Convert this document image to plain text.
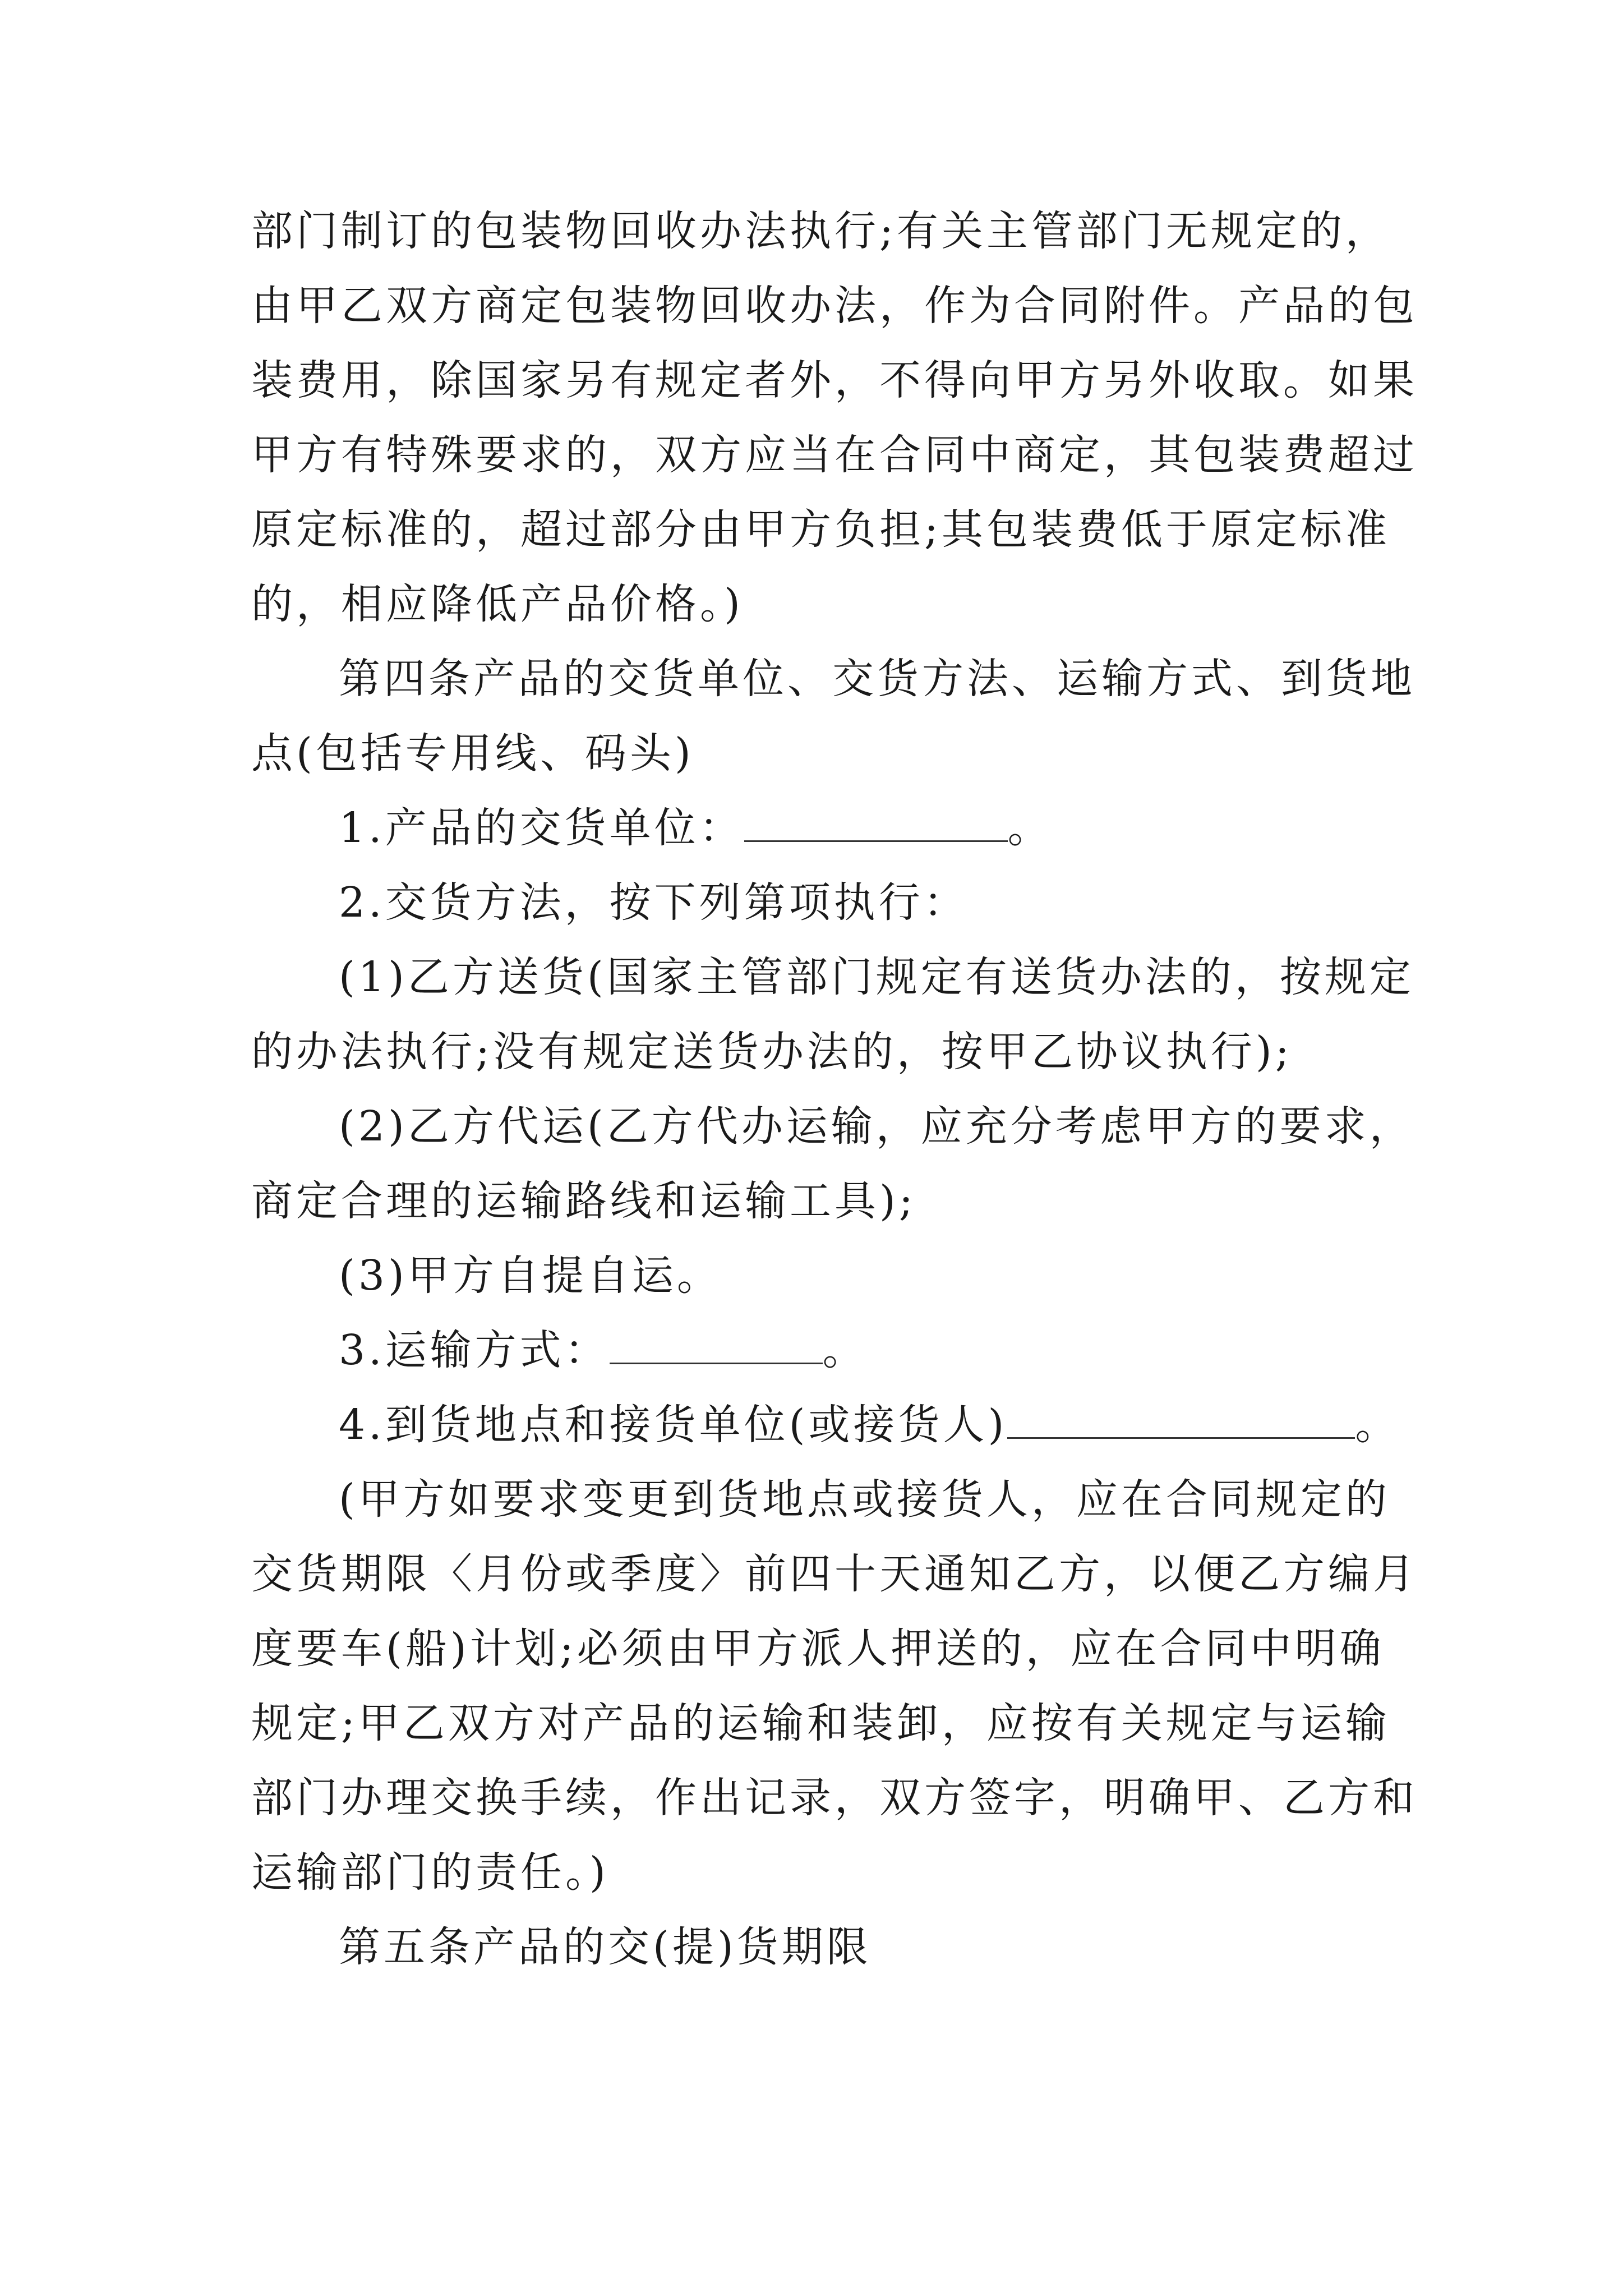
部门制订的包装物回收办法执行;有关主管部门无规定的，
由甲乙双方商定包装物回收办法，作为合同附件。产品的包
装费用，除国家另有规定者外，不得向甲方另外收取。如果
甲方有特殊要求的，双方应当在合同中商定，其包装费超过
原定标准的，超过部分由甲方负担;其包装费低于原定标准
的，相应降低产品价格。)
第四条产品的交货单位、交货方法、运输方式、到货地
点(包括专用线、码头)
1.产品的交货单位：	。
2.交货方法，按下列第项执行：
(1)乙方送货(国家主管部门规定有送货办法的，按规定
的办法执行;没有规定送货办法的，按甲乙协议执行);
(2)乙方代运(乙方代办运输，应充分考虑甲方的要求，
商定合理的运输路线和运输工具);
(3)甲方自提自运。
3.运输方式：	。
4.到货地点和接货单位(或接货人)	。
(甲方如要求变更到货地点或接货人，应在合同规定的
交货期限〈月份或季度〉前四十天通知乙方，以便乙方编月
度要车(船)计划;必须由甲方派人押送的，应在合同中明确
规定;甲乙双方对产品的运输和装卸，应按有关规定与运输
部门办理交换手续，作出记录，双方签字，明确甲、乙方和
运输部门的责任。)
第五条产品的交(提)货期限
